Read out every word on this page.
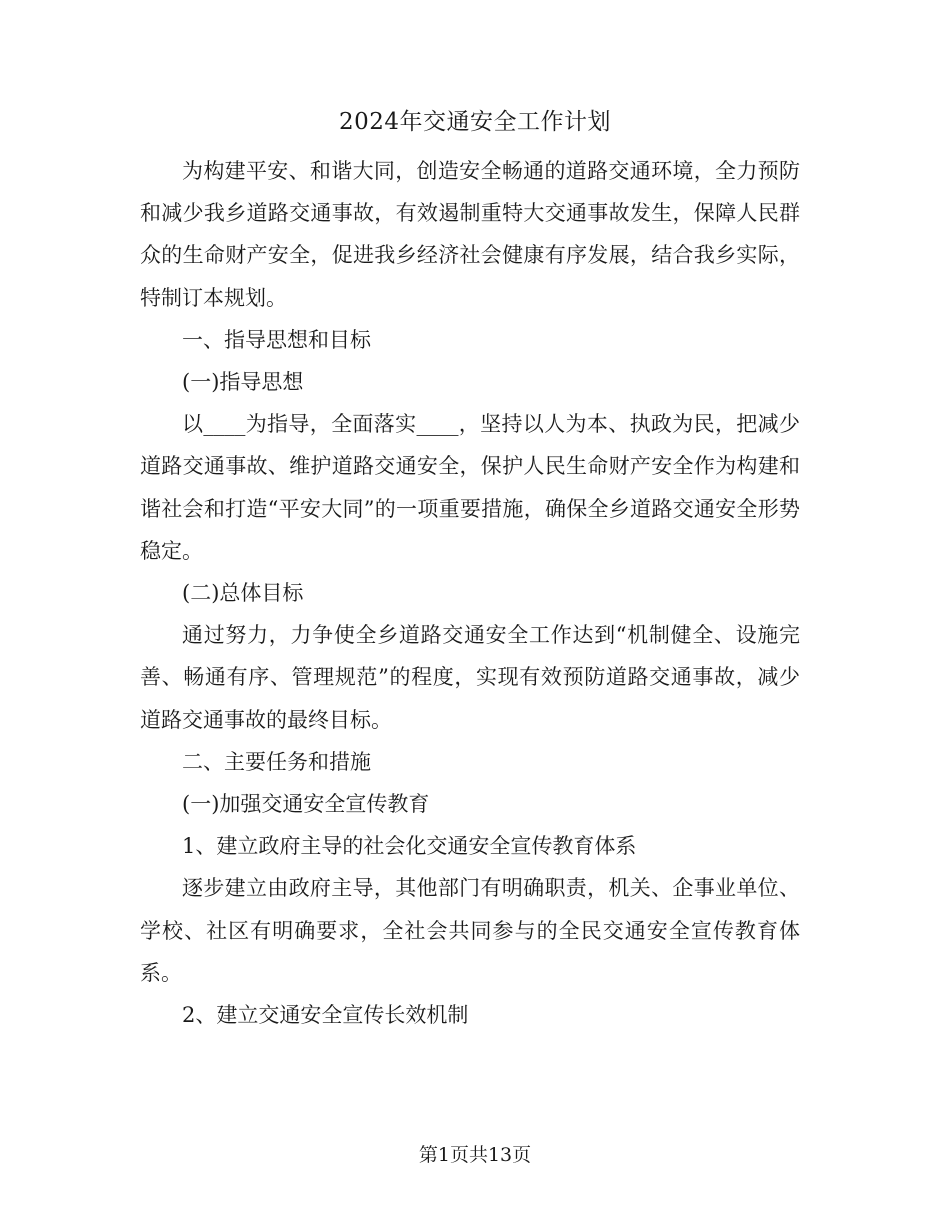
2024年交通安全工作计划

为构建平安、和谐大同，创造安全畅通的道路交通环境，全力预防和减少我乡道路交通事故，有效遏制重特大交通事故发生，保障人民群众的生命财产安全，促进我乡经济社会健康有序发展，结合我乡实际，特制订本规划。

一、指导思想和目标

(一)指导思想

以____为指导，全面落实____，坚持以人为本、执政为民，把减少道路交通事故、维护道路交通安全，保护人民生命财产安全作为构建和谐社会和打造“平安大同”的一项重要措施，确保全乡道路交通安全形势稳定。

(二)总体目标

通过努力，力争使全乡道路交通安全工作达到“机制健全、设施完善、畅通有序、管理规范”的程度，实现有效预防道路交通事故，减少道路交通事故的最终目标。

二、主要任务和措施

(一)加强交通安全宣传教育

1、建立政府主导的社会化交通安全宣传教育体系

逐步建立由政府主导，其他部门有明确职责，机关、企事业单位、学校、社区有明确要求，全社会共同参与的全民交通安全宣传教育体系。

2、建立交通安全宣传长效机制

第1页共13页
